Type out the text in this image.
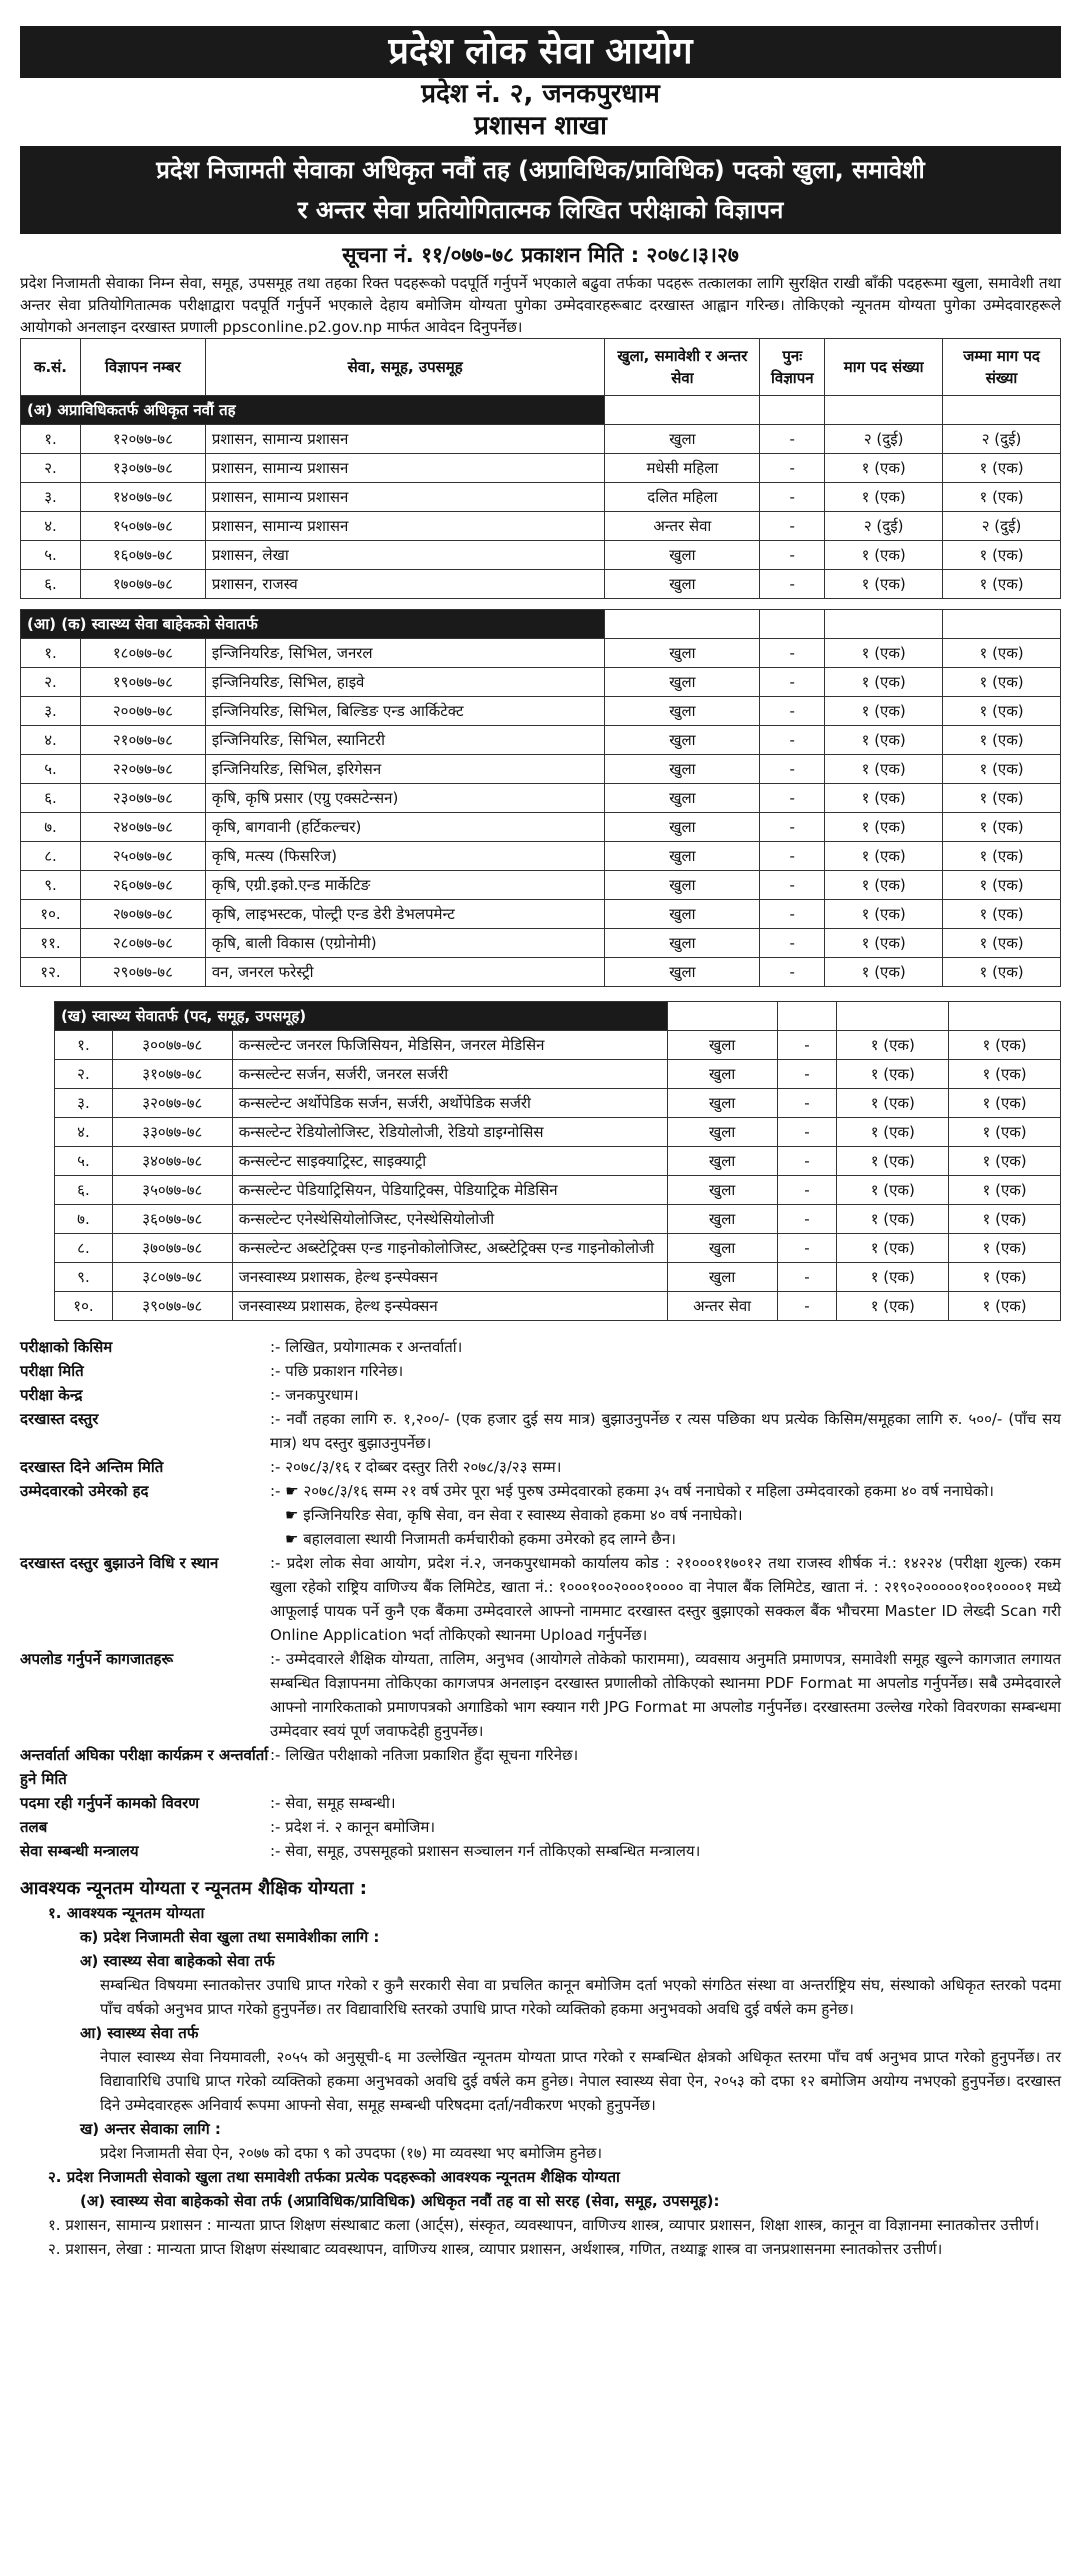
प्रदेश लोक सेवा आयोग
प्रदेश नं. २, जनकपुरधाम
प्रशासन शाखा
प्रदेश निजामती सेवाका अधिकृत नवौं तह (अप्राविधिक/प्राविधिक) पदको खुला, समावेशी
र अन्तर सेवा प्रतियोगितात्मक लिखित परीक्षाको विज्ञापन
सूचना नं. ११/०७७-७८ प्रकाशन मिति : २०७८।३।२७
प्रदेश निजामती सेवाका निम्न सेवा, समूह, उपसमूह तथा तहका रिक्त पदहरूको पदपूर्ति गर्नुपर्ने भएकाले बढुवा तर्फका पदहरू तत्कालका लागि सुरक्षित राखी बाँकी पदहरूमा खुला, समावेशी तथा अन्तर सेवा प्रतियोगितात्मक परीक्षाद्वारा पदपूर्ति गर्नुपर्ने भएकाले देहाय बमोजिम योग्यता पुगेका उम्मेदवारहरूबाट दरखास्त आह्वान गरिन्छ। तोकिएको न्यूनतम योग्यता पुगेका उम्मेदवारहरूले आयोगको अनलाइन दरखास्त प्रणाली ppsconline.p2.gov.np मार्फत आवेदन दिनुपर्नेछ।
क.सं.	विज्ञापन नम्बर	सेवा, समूह, उपसमूह	खुला, समावेशी र अन्तर सेवा	पुनः विज्ञापन	माग पद संख्या	जम्मा माग पद संख्या
(अ) अप्राविधिकतर्फ अधिकृत नवौं तह						
१.	१२०७७-७८	प्रशासन, सामान्य प्रशासन	खुला	-	२ (दुई)	२ (दुई)
२.	१३०७७-७८	प्रशासन, सामान्य प्रशासन	मधेसी महिला	-	१ (एक)	१ (एक)
३.	१४०७७-७८	प्रशासन, सामान्य प्रशासन	दलित महिला	-	१ (एक)	१ (एक)
४.	१५०७७-७८	प्रशासन, सामान्य प्रशासन	अन्तर सेवा	-	२ (दुई)	२ (दुई)
५.	१६०७७-७८	प्रशासन, लेखा	खुला	-	१ (एक)	१ (एक)
६.	१७०७७-७८	प्रशासन, राजस्व	खुला	-	१ (एक)	१ (एक)

(आ) (क) स्वास्थ्य सेवा बाहेकको सेवातर्फ						
१.	१८०७७-७८	इन्जिनियरिङ, सिभिल, जनरल	खुला	-	१ (एक)	१ (एक)
२.	१९०७७-७८	इन्जिनियरिङ, सिभिल, हाइवे	खुला	-	१ (एक)	१ (एक)
३.	२००७७-७८	इन्जिनियरिङ, सिभिल, बिल्डिङ एन्ड आर्किटेक्ट	खुला	-	१ (एक)	१ (एक)
४.	२१०७७-७८	इन्जिनियरिङ, सिभिल, स्यानिटरी	खुला	-	१ (एक)	१ (एक)
५.	२२०७७-७८	इन्जिनियरिङ, सिभिल, इरिगेसन	खुला	-	१ (एक)	१ (एक)
६.	२३०७७-७८	कृषि, कृषि प्रसार (एग्रु एक्सटेन्सन)	खुला	-	१ (एक)	१ (एक)
७.	२४०७७-७८	कृषि, बागवानी (हर्टिकल्चर)	खुला	-	१ (एक)	१ (एक)
८.	२५०७७-७८	कृषि, मत्स्य (फिसरिज)	खुला	-	१ (एक)	१ (एक)
९.	२६०७७-७८	कृषि, एग्री.इको.एन्ड मार्केटिङ	खुला	-	१ (एक)	१ (एक)
१०.	२७०७७-७८	कृषि, लाइभस्टक, पोल्ट्री एन्ड डेरी डेभलपमेन्ट	खुला	-	१ (एक)	१ (एक)
११.	२८०७७-७८	कृषि, बाली विकास (एग्रोनोमी)	खुला	-	१ (एक)	१ (एक)
१२.	२९०७७-७८	वन, जनरल फरेस्ट्री	खुला	-	१ (एक)	१ (एक)
(ख) स्वास्थ्य सेवातर्फ (पद, समूह, उपसमूह)						
१.	३००७७-७८	कन्सल्टेन्ट जनरल फिजिसियन, मेडिसिन, जनरल मेडिसिन	खुला	-	१ (एक)	१ (एक)
२.	३१०७७-७८	कन्सल्टेन्ट सर्जन, सर्जरी, जनरल सर्जरी	खुला	-	१ (एक)	१ (एक)
३.	३२०७७-७८	कन्सल्टेन्ट अर्थोपेडिक सर्जन, सर्जरी, अर्थोपेडिक सर्जरी	खुला	-	१ (एक)	१ (एक)
४.	३३०७७-७८	कन्सल्टेन्ट रेडियोलोजिस्ट, रेडियोलोजी, रेडियो डाइग्नोसिस	खुला	-	१ (एक)	१ (एक)
५.	३४०७७-७८	कन्सल्टेन्ट साइक्याट्रिस्ट, साइक्याट्री	खुला	-	१ (एक)	१ (एक)
६.	३५०७७-७८	कन्सल्टेन्ट पेडियाट्रिसियन, पेडियाट्रिक्स, पेडियाट्रिक मेडिसिन	खुला	-	१ (एक)	१ (एक)
७.	३६०७७-७८	कन्सल्टेन्ट एनेस्थेसियोलोजिस्ट, एनेस्थेसियोलोजी	खुला	-	१ (एक)	१ (एक)
८.	३७०७७-७८	कन्सल्टेन्ट अब्स्टेट्रिक्स एन्ड गाइनोकोलोजिस्ट, अब्स्टेट्रिक्स एन्ड गाइनोकोलोजी	खुला	-	१ (एक)	१ (एक)
९.	३८०७७-७८	जनस्वास्थ्य प्रशासक, हेल्थ इन्स्पेक्सन	खुला	-	१ (एक)	१ (एक)
१०.	३९०७७-७८	जनस्वास्थ्य प्रशासक, हेल्थ इन्स्पेक्सन	अन्तर सेवा	-	१ (एक)	१ (एक)
परीक्षाको किसिम	:- लिखित, प्रयोगात्मक र अन्तर्वार्ता।
परीक्षा मिति	:- पछि प्रकाशन गरिनेछ।
परीक्षा केन्द्र	:- जनकपुरधाम।
दरखास्त दस्तुर	:- नवौं तहका लागि रु. १,२००/- (एक हजार दुई सय मात्र) बुझाउनुपर्नेछ र त्यस पछिका थप प्रत्येक किसिम/समूहका लागि रु. ५००/- (पाँच सय मात्र) थप दस्तुर बुझाउनुपर्नेछ।
दरखास्त दिने अन्तिम मिति	:- २०७८/३/१६ र दोब्बर दस्तुर तिरी २०७८/३/२३ सम्म।
उम्मेदवारको उमेरको हद	:- ☛ २०७८/३/१६ सम्म २१ वर्ष उमेर पूरा भई पुरुष उम्मेदवारको हकमा ३५ वर्ष ननाघेको र महिला उम्मेदवारको हकमा ४० वर्ष ननाघेको।
☛ इन्जिनियरिङ सेवा, कृषि सेवा, वन सेवा र स्वास्थ्य सेवाको हकमा ४० वर्ष ननाघेको।
☛ बहालवाला स्थायी निजामती कर्मचारीको हकमा उमेरको हद लाग्ने छैन।
दरखास्त दस्तुर बुझाउने विधि र स्थान	:- प्रदेश लोक सेवा आयोग, प्रदेश नं.२, जनकपुरधामको कार्यालय कोड : २१०००११७०१२ तथा राजस्व शीर्षक नं.: १४२२४ (परीक्षा शुल्क) रकम खुला रहेको राष्ट्रिय वाणिज्य बैंक लिमिटेड, खाता नं.: १०००१००२०००१०००० वा नेपाल बैंक लिमिटेड, खाता नं. : २१९०२०००००१००१००००१ मध्ये आफूलाई पायक पर्ने कुनै एक बैंकमा उम्मेदवारले आफ्नो नाममाट दरखास्त दस्तुर बुझाएको सक्कल बैंक भौचरमा Master ID लेख्दी Scan गरी Online Application भर्दा तोकिएको स्थानमा Upload गर्नुपर्नेछ।
अपलोड गर्नुपर्ने कागजातहरू	:- उम्मेदवारले शैक्षिक योग्यता, तालिम, अनुभव (आयोगले तोकेको फाराममा), व्यवसाय अनुमति प्रमाणपत्र, समावेशी समूह खुल्ने कागजात लगायत सम्बन्धित विज्ञापनमा तोकिएका कागजपत्र अनलाइन दरखास्त प्रणालीको तोकिएको स्थानमा PDF Format मा अपलोड गर्नुपर्नेछ। सबै उम्मेदवारले आफ्नो नागरिकताको प्रमाणपत्रको अगाडिको भाग स्क्यान गरी JPG Format मा अपलोड गर्नुपर्नेछ। दरखास्तमा उल्लेख गरेको विवरणका सम्बन्धमा उम्मेदवार स्वयं पूर्ण जवाफदेही हुनुपर्नेछ।
अन्तर्वार्ता अघिका परीक्षा कार्यक्रम र अन्तर्वार्ता हुने मिति
:- लिखित परीक्षाको नतिजा प्रकाशित हुँदा सूचना गरिनेछ।
पदमा रही गर्नुपर्ने कामको विवरण	:- सेवा, समूह सम्बन्धी।
तलब	:- प्रदेश नं. २ कानून बमोजिम।
सेवा सम्बन्धी मन्त्रालय	:- सेवा, समूह, उपसमूहको प्रशासन सञ्चालन गर्न तोकिएको सम्बन्धित मन्त्रालय।
आवश्यक न्यूनतम योग्यता र न्यूनतम शैक्षिक योग्यता :
१. आवश्यक न्यूनतम योग्यता
क) प्रदेश निजामती सेवा खुला तथा समावेशीका लागि :
अ) स्वास्थ्य सेवा बाहेकको सेवा तर्फ
सम्बन्धित विषयमा स्नातकोत्तर उपाधि प्राप्त गरेको र कुनै सरकारी सेवा वा प्रचलित कानून बमोजिम दर्ता भएको संगठित संस्था वा अन्तर्राष्ट्रिय संघ, संस्थाको अधिकृत स्तरको पदमा पाँच वर्षको अनुभव प्राप्त गरेको हुनुपर्नेछ। तर विद्यावारिधि स्तरको उपाधि प्राप्त गरेको व्यक्तिको हकमा अनुभवको अवधि दुई वर्षले कम हुनेछ।
आ) स्वास्थ्य सेवा तर्फ
नेपाल स्वास्थ्य सेवा नियमावली, २०५५ को अनुसूची-६ मा उल्लेखित न्यूनतम योग्यता प्राप्त गरेको र सम्बन्धित क्षेत्रको अधिकृत स्तरमा पाँच वर्ष अनुभव प्राप्त गरेको हुनुपर्नेछ। तर विद्यावारिधि उपाधि प्राप्त गरेको व्यक्तिको हकमा अनुभवको अवधि दुई वर्षले कम हुनेछ। नेपाल स्वास्थ्य सेवा ऐन, २०५३ को दफा १२ बमोजिम अयोग्य नभएको हुनुपर्नेछ। दरखास्त दिने उम्मेदवारहरू अनिवार्य रूपमा आफ्नो सेवा, समूह सम्बन्धी परिषदमा दर्ता/नवीकरण भएको हुनुपर्नेछ।
ख) अन्तर सेवाका लागि :
प्रदेश निजामती सेवा ऐन, २०७७ को दफा ९ को उपदफा (१७) मा व्यवस्था भए बमोजिम हुनेछ।
२. प्रदेश निजामती सेवाको खुला तथा समावेशी तर्फका प्रत्येक पदहरूको आवश्यक न्यूनतम शैक्षिक योग्यता
(अ) स्वास्थ्य सेवा बाहेकको सेवा तर्फ (अप्राविधिक/प्राविधिक) अधिकृत नवौं तह वा सो सरह (सेवा, समूह, उपसमूह):
१. प्रशासन, सामान्य प्रशासन : मान्यता प्राप्त शिक्षण संस्थाबाट कला (आर्ट्स), संस्कृत, व्यवस्थापन, वाणिज्य शास्त्र, व्यापार प्रशासन, शिक्षा शास्त्र, कानून वा विज्ञानमा स्नातकोत्तर उत्तीर्ण।
२. प्रशासन, लेखा : मान्यता प्राप्त शिक्षण संस्थाबाट व्यवस्थापन, वाणिज्य शास्त्र, व्यापार प्रशासन, अर्थशास्त्र, गणित, तथ्याङ्क शास्त्र वा जनप्रशासनमा स्नातकोत्तर उत्तीर्ण।
